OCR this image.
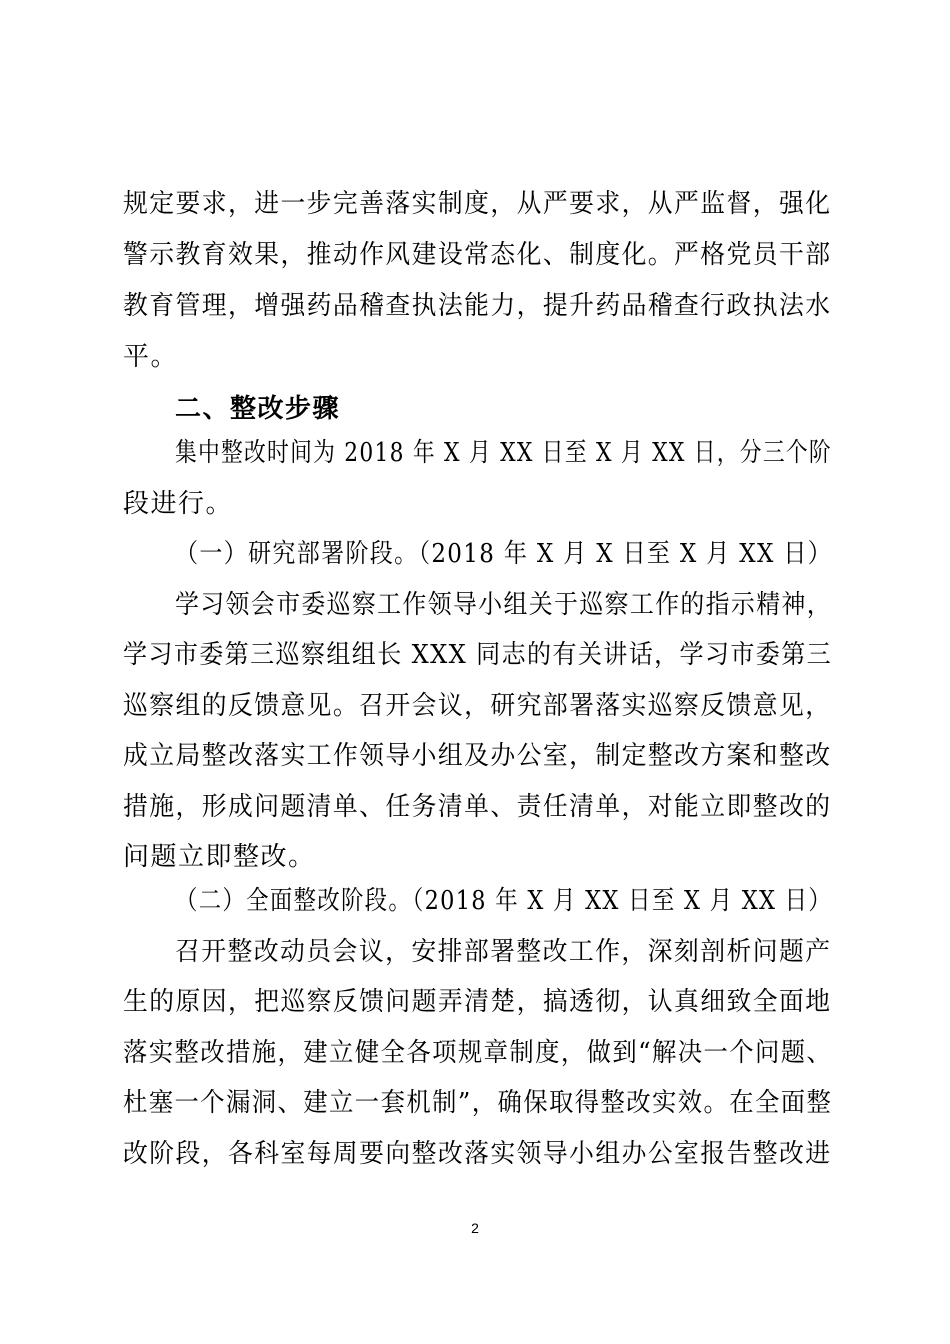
规定要求，进一步完善落实制度，从严要求，从严监督，强化
警示教育效果，推动作风建设常态化、制度化。严格党员干部
教育管理，增强药品稽查执法能力，提升药品稽查行政执法水
平。
二、整改步骤
集中整改时间为 2018 年 X 月 XX 日至 X 月 XX 日，分三个阶
段进行。
（一）研究部署阶段。（2018 年 X 月 X 日至 X 月 XX 日）
学习领会市委巡察工作领导小组关于巡察工作的指示精神，
学习市委第三巡察组组长 XXX 同志的有关讲话，学习市委第三
巡察组的反馈意见。召开会议，研究部署落实巡察反馈意见，
成立局整改落实工作领导小组及办公室，制定整改方案和整改
措施，形成问题清单、任务清单、责任清单，对能立即整改的
问题立即整改。
（二）全面整改阶段。（2018 年 X 月 XX 日至 X 月 XX 日）
召开整改动员会议，安排部署整改工作，深刻剖析问题产
生的原因，把巡察反馈问题弄清楚，搞透彻，认真细致全面地
落实整改措施，建立健全各项规章制度，做到“解决一个问题、
杜塞一个漏洞、建立一套机制”，确保取得整改实效。在全面整
改阶段，各科室每周要向整改落实领导小组办公室报告整改进
2
